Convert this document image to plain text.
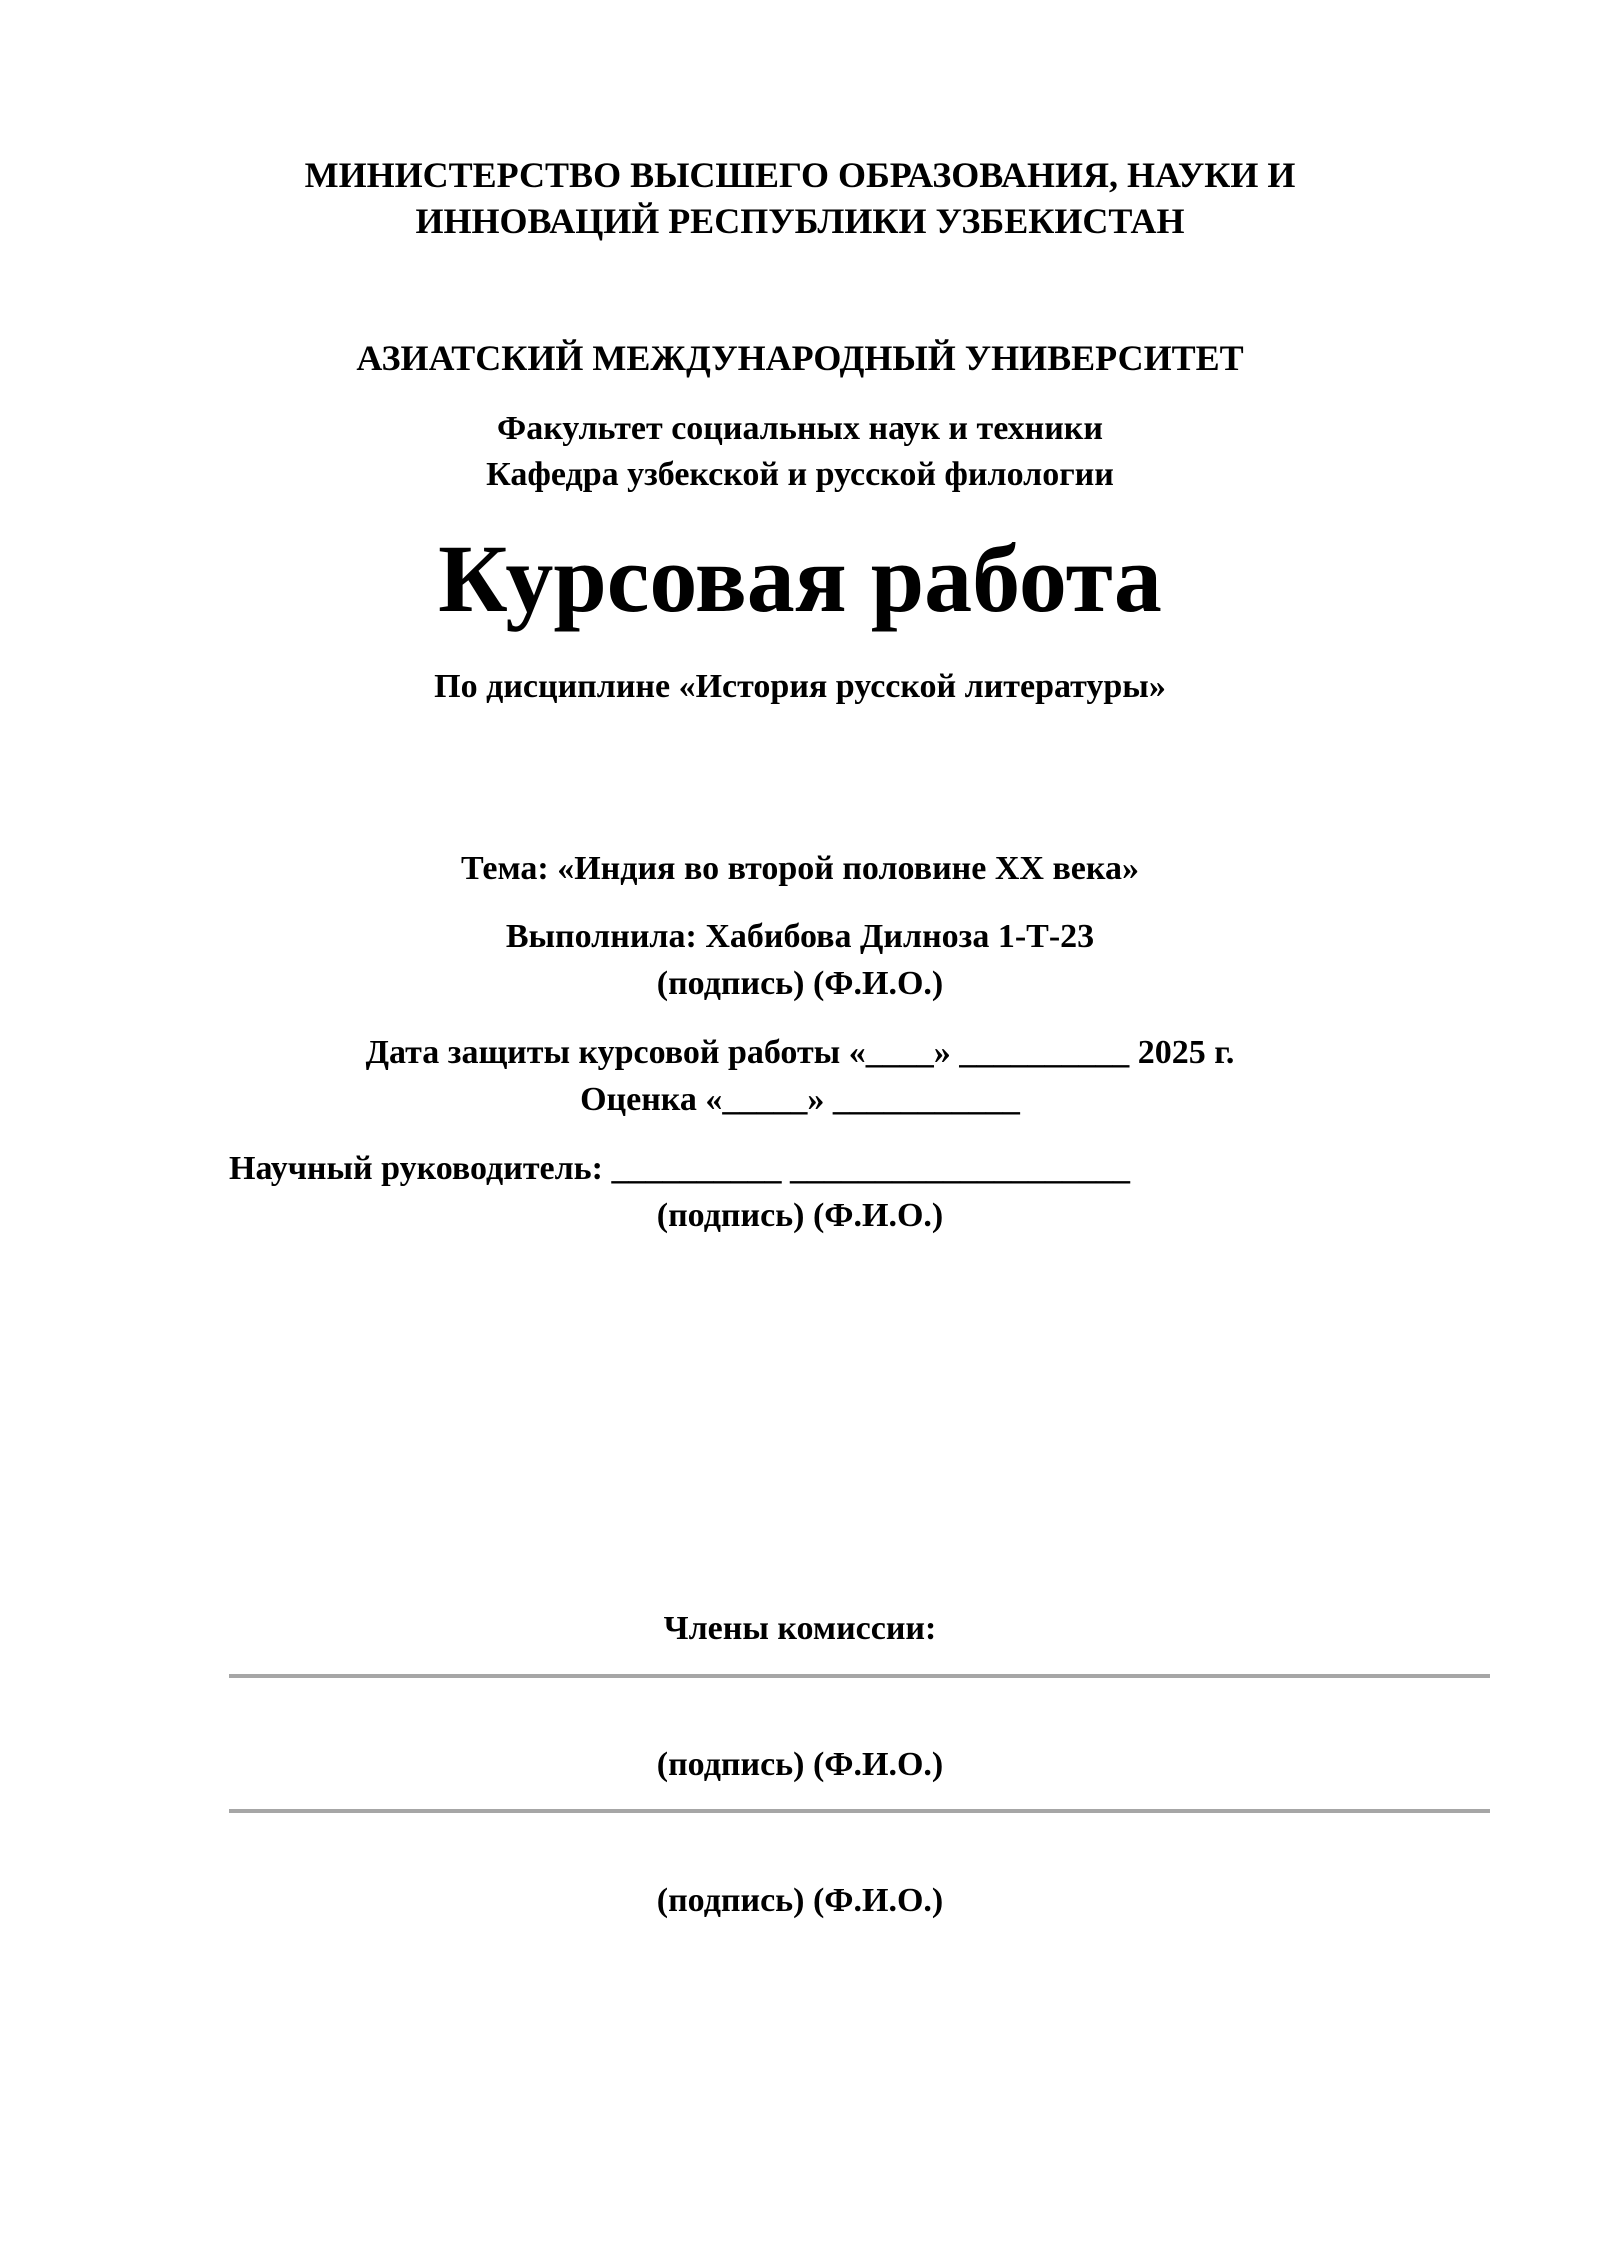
МИНИСТЕРСТВО ВЫСШЕГО ОБРАЗОВАНИЯ, НАУКИ И
ИННОВАЦИЙ РЕСПУБЛИКИ УЗБЕКИСТАН
АЗИАТСКИЙ МЕЖДУНАРОДНЫЙ УНИВЕРСИТЕТ
Факультет социальных наук и техники
Кафедра узбекской и русской филологии
Курсовая работа
По дисциплине «История русской литературы»
Тема: «Индия во второй половине XX века»
Выполнила: Хабибова Дилноза 1-Т-23
(подпись) (Ф.И.О.)
Дата защиты курсовой работы «____» __________ 2025 г.
Оценка «_____» ___________
Научный руководитель: __________ ____________________
(подпись) (Ф.И.О.)
Члены комиссии:
(подпись) (Ф.И.О.)
(подпись) (Ф.И.О.)
